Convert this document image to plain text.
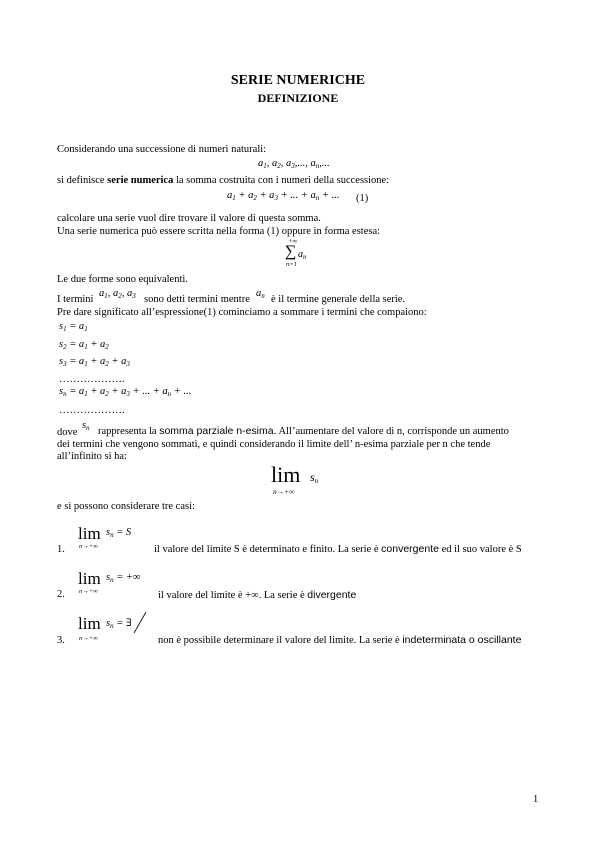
SERIE NUMERICHE
DEFINIZIONE
Considerando una successione di numeri naturali:
a1, a2, a3,..., an,...
si definisce serie numerica la somma costruita con i numeri della successione:
a1 + a2 + a3 + ... + an + ... (1)
calcolare una serie vuol dire trovare il valore di questa somma.
Una serie numerica può essere scritta nella forma (1) oppure in forma estesa:
+∞
∑ $a_n$
n=1
Le due forme sono equivalenti.
I termini
a1, a2, a3 sono detti termini mentre
an è il termine generale della serie.
Pre dare significato all’espressione(1) cominciamo a sommare i termini che compaiono:
s1 = a1
s2 = a1 + a2
s3 = a1 + a2 + a3
……………….
sn = a1 + a2 + a3 + ... + an + ...
……………….
dove
sn rappresenta la somma parziale n-esima. All’aumentare del valore di n, corrisponde un aumento
dei termini che vengono sommati, e quindi considerando il limite dell’ n-esima parziale per n che tende
all’infinito si ha:
lim sn
n→+∞
e si possono considerare tre casi:
lim sn = S
n→+∞
1.	il valore del limite S è determinato e finito. La serie è convergente ed il suo valore è S
lim sn = +∞
n→+∞
2.	il valore del limite è +∞. La serie è divergente
lim sn = ∃
n→+∞
3.	non è possibile determinare il valore del limite. La serie è indeterminata o oscillante
1
